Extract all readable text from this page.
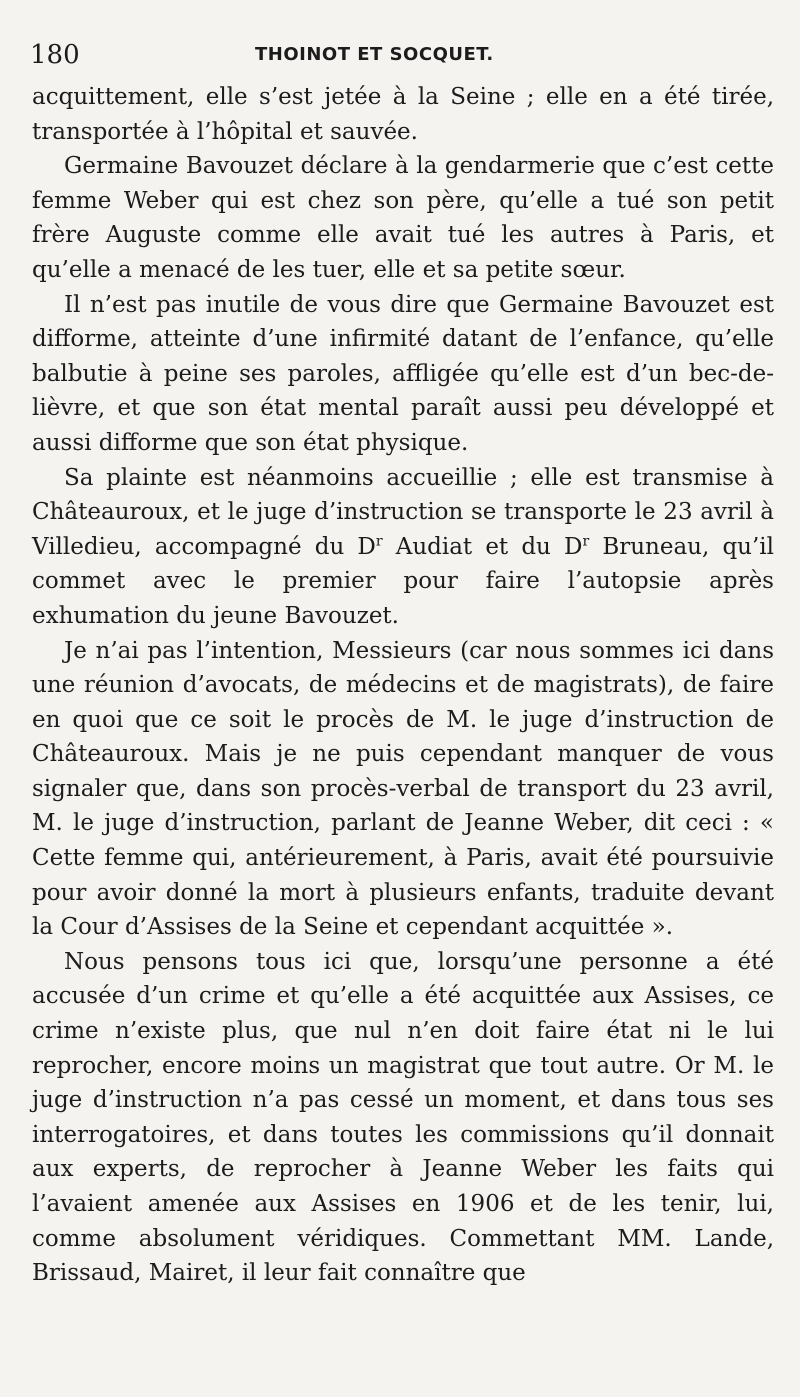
180	THOINOT ET SOCQUET.

acquittement, elle s’est jetée à la Seine ; elle en a été tirée, transportée à l’hôpital et sauvée.

Germaine Bavouzet déclare à la gendarmerie que c’est cette femme Weber qui est chez son père, qu’elle a tué son petit frère Auguste comme elle avait tué les autres à Paris, et qu’elle a menacé de les tuer, elle et sa petite sœur.

Il n’est pas inutile de vous dire que Germaine Bavouzet est difforme, atteinte d’une infirmité datant de l’enfance, qu’elle balbutie à peine ses paroles, affligée qu’elle est d’un bec-de-lièvre, et que son état mental paraît aussi peu développé et aussi difforme que son état physique.

Sa plainte est néanmoins accueillie ; elle est transmise à Châteauroux, et le juge d’instruction se transporte le 23 avril à Villedieu, accompagné du $D^r$ Audiat et du $D^r$ Bruneau, qu’il commet avec le premier pour faire l’autopsie après exhumation du jeune Bavouzet.

Je n’ai pas l’intention, Messieurs (car nous sommes ici dans une réunion d’avocats, de médecins et de magistrats), de faire en quoi que ce soit le procès de M. le juge d’instruction de Châteauroux. Mais je ne puis cependant manquer de vous signaler que, dans son procès-verbal de transport du 23 avril, M. le juge d’instruction, parlant de Jeanne Weber, dit ceci : « Cette femme qui, antérieurement, à Paris, avait été poursuivie pour avoir donné la mort à plusieurs enfants, traduite devant la Cour d’Assises de la Seine et cependant acquittée ».

Nous pensons tous ici que, lorsqu’une personne a été accusée d’un crime et qu’elle a été acquittée aux Assises, ce crime n’existe plus, que nul n’en doit faire état ni le lui reprocher, encore moins un magistrat que tout autre. Or M. le juge d’instruction n’a pas cessé un moment, et dans tous ses interrogatoires, et dans toutes les commissions qu’il donnait aux experts, de reprocher à Jeanne Weber les faits qui l’avaient amenée aux Assises en 1906 et de les tenir, lui, comme absolument véridiques. Commettant MM. Lande, Brissaud, Mairet, il leur fait connaître que
